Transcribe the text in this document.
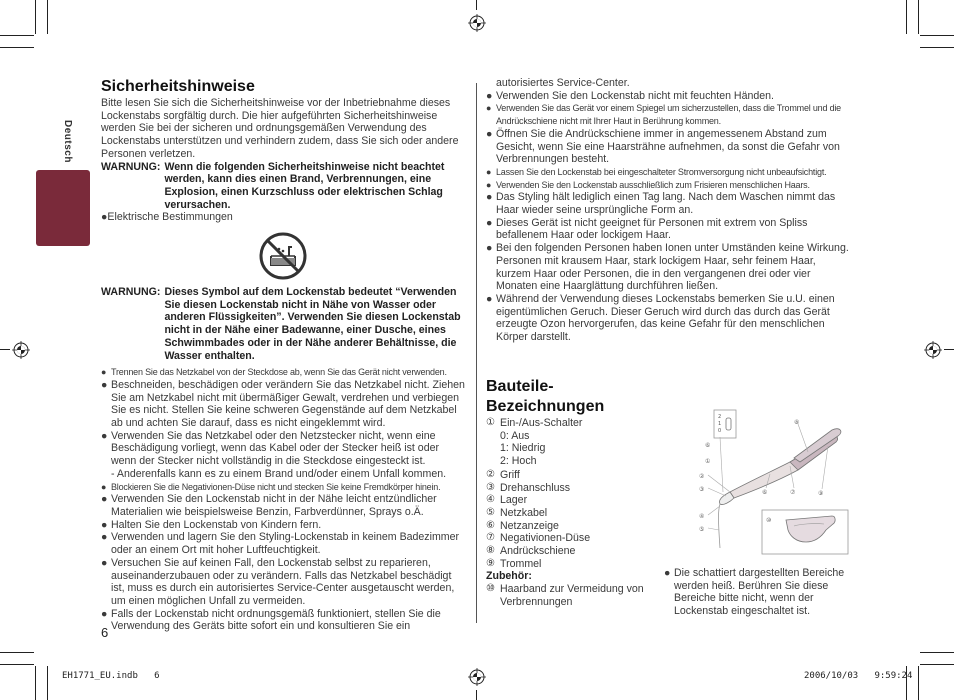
Deutsch
Sicherheitshinweise

Bitte lesen Sie sich die Sicherheitshinweise vor der Inbetriebnahme dieses Lockenstabs sorgfältig durch. Die hier aufgeführten Sicherheitshinweise werden Sie bei der sicheren und ordnungsgemäßen Verwendung des Lockenstabs unterstützen und verhindern zudem, dass Sie sich oder andere Personen verletzen.

WARNUNG: Wenn die folgenden Sicherheitshinweise nicht beachtet werden, kann dies einen Brand, Verbrennungen, eine Explosion, einen Kurzschluss oder elektrischen Schlag verursachen.
●Elektrische Bestimmungen
WARNUNG: Dieses Symbol auf dem Lockenstab bedeutet “Verwenden Sie diesen Lockenstab nicht in Nähe von Wasser oder anderen Flüssigkeiten”. Verwenden Sie diesen Lockenstab nicht in der Nähe einer Badewanne, einer Dusche, eines Schwimmbades oder in der Nähe anderer Behältnisse, die Wasser enthalten.
● Trennen Sie das Netzkabel von der Steckdose ab, wenn Sie das Gerät nicht verwenden.
● Beschneiden, beschädigen oder verändern Sie das Netzkabel nicht. Ziehen Sie am Netzkabel nicht mit übermäßiger Gewalt, verdrehen und verbiegen Sie es nicht. Stellen Sie keine schweren Gegenstände auf dem Netzkabel ab und achten Sie darauf, dass es nicht eingeklemmt wird.
● Verwenden Sie das Netzkabel oder den Netzstecker nicht, wenn eine Beschädigung vorliegt, wenn das Kabel oder der Stecker heiß ist oder wenn der Stecker nicht vollständig in die Steckdose eingesteckt ist.
- Anderenfalls kann es zu einem Brand und/oder einem Unfall kommen.
● Blockieren Sie die Negativionen-Düse nicht und stecken Sie keine Fremdkörper hinein.
● Verwenden Sie den Lockenstab nicht in der Nähe leicht entzündlicher Materialien wie beispielsweise Benzin, Farbverdünner, Sprays o.Ä.
● Halten Sie den Lockenstab von Kindern fern.
● Verwenden und lagern Sie den Styling-Lockenstab in keinem Badezimmer oder an einem Ort mit hoher Luftfeuchtigkeit.
● Versuchen Sie auf keinen Fall, den Lockenstab selbst zu reparieren, auseinanderzubauen oder zu verändern. Falls das Netzkabel beschädigt ist, muss es durch ein autorisiertes Service-Center ausgetauscht werden, um einen möglichen Unfall zu vermeiden.
● Falls der Lockenstab nicht ordnungsgemäß funktioniert, stellen Sie die Verwendung des Geräts bitte sofort ein und konsultieren Sie ein
6
autorisiertes Service-Center.
● Verwenden Sie den Lockenstab nicht mit feuchten Händen.
● Verwenden Sie das Gerät vor einem Spiegel um sicherzustellen, dass die Trommel und die Andrückschiene nicht mit Ihrer Haut in Berührung kommen.
● Öffnen Sie die Andrückschiene immer in angemessenem Abstand zum Gesicht, wenn Sie eine Haarsträhne aufnehmen, da sonst die Gefahr von Verbrennungen besteht.
● Lassen Sie den Lockenstab bei eingeschalteter Stromversorgung nicht unbeaufsichtigt.
● Verwenden Sie den Lockenstab ausschließlich zum Frisieren menschlichen Haars.
● Das Styling hält lediglich einen Tag lang. Nach dem Waschen nimmt das Haar wieder seine ursprüngliche Form an.
● Dieses Gerät ist nicht geeignet für Personen mit extrem von Spliss befallenem Haar oder lockigem Haar.
● Bei den folgenden Personen haben Ionen unter Umständen keine Wirkung. Personen mit krausem Haar, stark lockigem Haar, sehr feinem Haar, kurzem Haar oder Personen, die in den vergangenen drei oder vier Monaten eine Haarglättung durchführen ließen.
● Während der Verwendung dieses Lockenstabs bemerken Sie u.U. einen eigentümlichen Geruch. Dieser Geruch wird durch das durch das Gerät erzeugte Ozon hervorgerufen, das keine Gefahr für den menschlichen Körper darstellt.
Bauteile-Bezeichnungen
① Ein-/Aus-Schalter
0: Aus
1: Niedrig
2: Hoch
② Griff
③ Drehanschluss
④ Lager
⑤ Netzkabel
⑥ Netzanzeige
⑦ Negativionen-Düse
⑧ Andrückschiene
⑨ Trommel
Zubehör:
⑩ Haarband zur Vermeidung von Verbrennungen
● Die schattiert dargestellten Bereiche werden heiß. Berühren Sie diese Bereiche bitte nicht, wenn der Lockenstab eingeschaltet ist.
2
1
0
⑥
①
②
③
④
⑤
⑥	⑦
⑧
⑨
⑩
EH1771_EU.indb 6	2006/10/03 9:59:24
